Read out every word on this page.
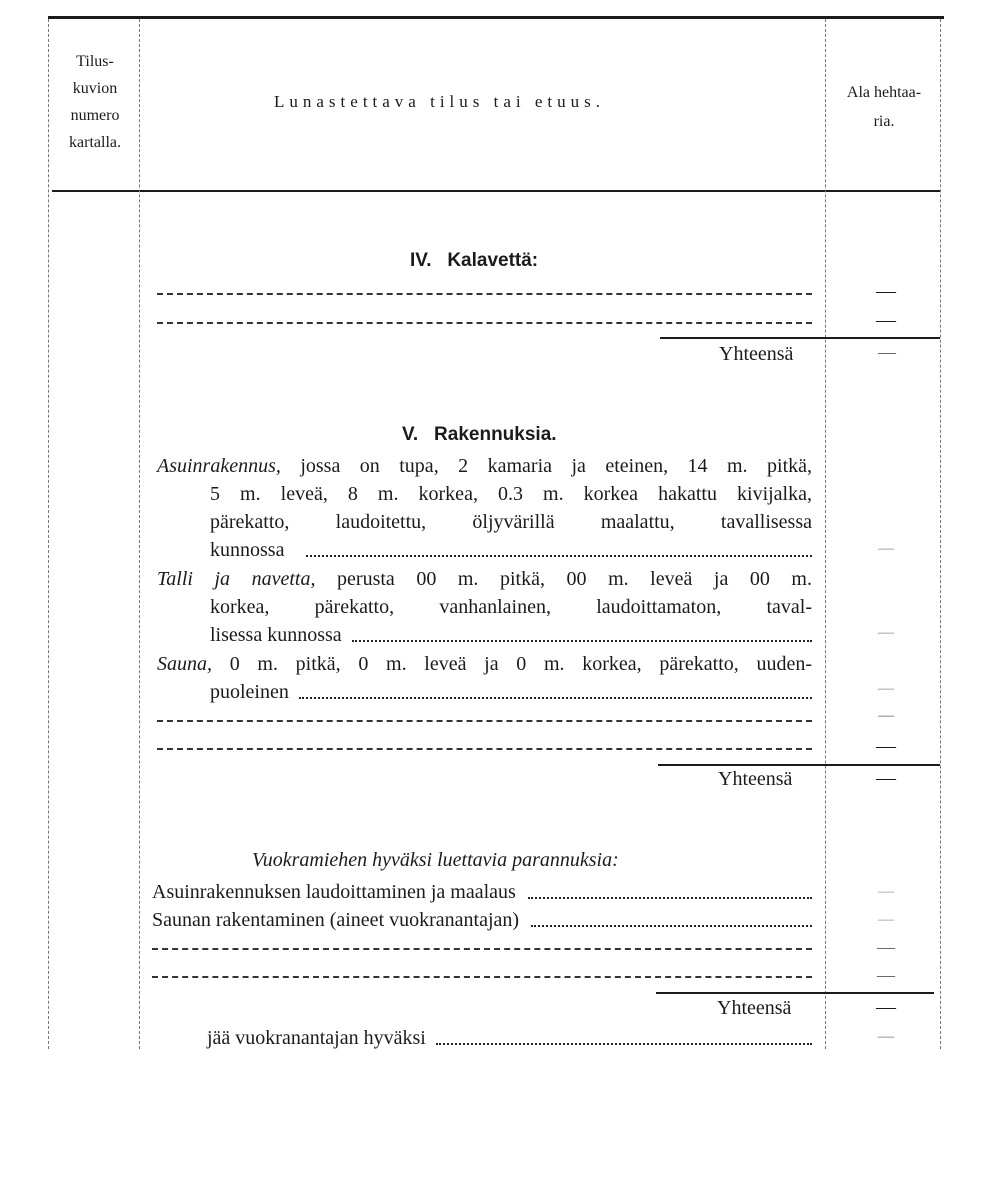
Tilus-
kuvion
numero
kartalla.
Lunastettava tilus tai etuus.	Ala hehtaa-
ria.
IV.   Kalavettä:
—
—
Yhteensä	—
V.   Rakennuksia.
Asuinrakennus, jossa on tupa, 2 kamaria ja eteinen, 14 m. pitkä,
5 m. leveä, 8 m. korkea, 0.3 m. korkea hakattu kivijalka,
pärekatto, laudoitettu, öljyvärillä maalattu, tavallisessa
kunnossa	—
Talli ja navetta, perusta 00 m. pitkä, 00 m. leveä ja 00 m.
korkea, pärekatto, vanhanlainen, laudoittamaton, taval-
lisessa kunnossa	—
Sauna, 0 m. pitkä, 0 m. leveä ja 0 m. korkea, pärekatto, uuden-
puoleinen	—
—
—
Yhteensä	—
Vuokramiehen hyväksi luettavia parannuksia:
Asuinrakennuksen laudoittaminen ja maalaus	—
Saunan rakentaminen (aineet vuokranantajan)	—
—
—
Yhteensä	—
jää vuokranantajan hyväksi	—
